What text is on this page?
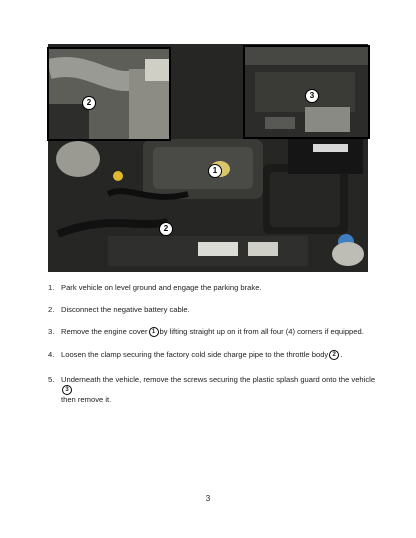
1
2
2
3
1. Park vehicle on level ground and engage the parking brake.
2. Disconnect the negative battery cable.
3. Remove the engine cover 1 by lifting straight up on it from all four (4) corners if equipped.
4. Loosen the clamp securing the factory cold side charge pipe to the throttle body 2 .
5. Underneath the vehicle, remove the screws securing the plastic splash guard onto the vehicle3
then remove it.
3
